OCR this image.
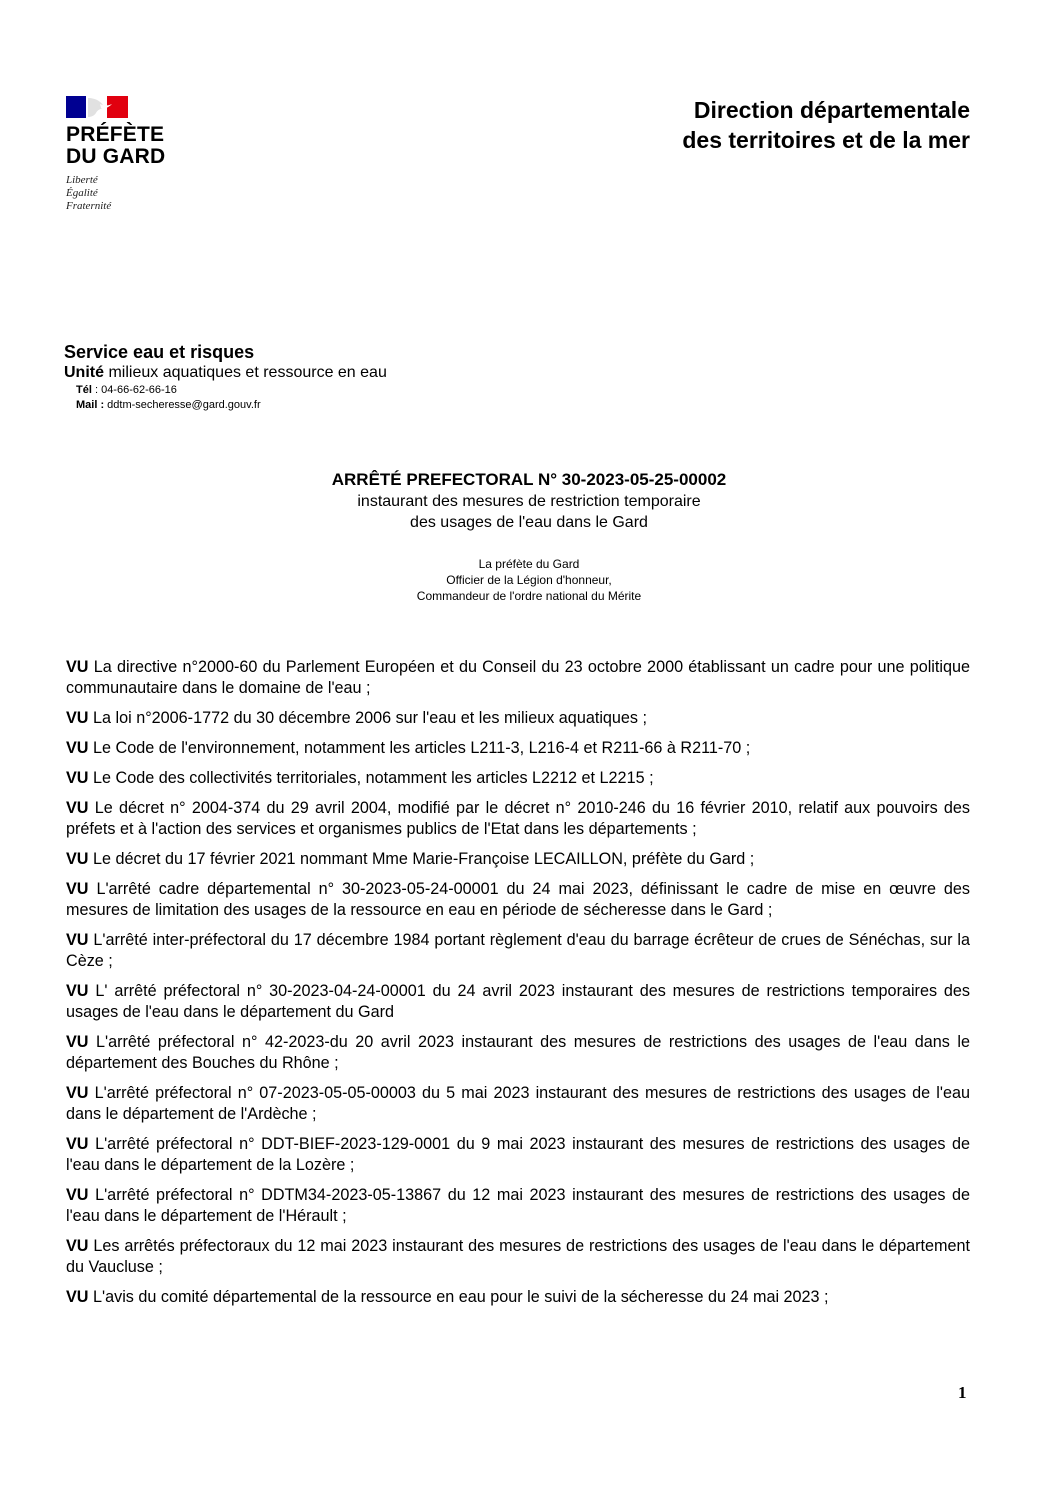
PRÉFÈTE
DU GARD
Liberté
Égalité
Fraternité
Direction départementale
des territoires et de la mer
Service eau et risques
Unité milieux aquatiques et ressource en eau
Tél : 04-66-62-66-16
Mail : ddtm-secheresse@gard.gouv.fr
ARRÊTÉ PREFECTORAL N° 30-2023-05-25-00002
instaurant des mesures de restriction temporaire
des usages de l'eau dans le Gard
La préfète du Gard
Officier de la Légion d'honneur,
Commandeur de l'ordre national du Mérite

VU La directive n°2000-60 du Parlement Européen et du Conseil du 23 octobre 2000 établissant un cadre pour une politique communautaire dans le domaine de l'eau ;

VU La loi n°2006-1772 du 30 décembre 2006 sur l'eau et les milieux aquatiques ;

VU Le Code de l'environnement, notamment les articles L211-3, L216-4 et R211-66 à R211-70 ;

VU Le Code des collectivités territoriales, notamment les articles L2212 et L2215 ;

VU Le décret n° 2004-374 du 29 avril 2004, modifié par le décret n° 2010-246 du 16 février 2010, relatif aux pouvoirs des préfets et à l'action des services et organismes publics de l'Etat dans les départements ;

VU Le décret du 17 février 2021 nommant Mme Marie-Françoise LECAILLON, préfète du Gard ;

VU L'arrêté cadre départemental n° 30-2023-05-24-00001 du 24 mai 2023, définissant le cadre de mise en œuvre des mesures de limitation des usages de la ressource en eau en période de sécheresse dans le Gard ;

VU L'arrêté inter-préfectoral du 17 décembre 1984 portant règlement d'eau du barrage écrêteur de crues de Sénéchas, sur la Cèze ;

VU L' arrêté préfectoral n° 30-2023-04-24-00001 du 24 avril 2023 instaurant des mesures de restrictions temporaires des usages de l'eau dans le département du Gard

VU L'arrêté préfectoral n° 42-2023-du 20 avril 2023 instaurant des mesures de restrictions des usages de l'eau dans le département des Bouches du Rhône ;

VU L'arrêté préfectoral n° 07-2023-05-05-00003 du 5 mai 2023 instaurant des mesures de restrictions des usages de l'eau dans le département de l'Ardèche ;

VU L'arrêté préfectoral n° DDT-BIEF-2023-129-0001 du 9 mai 2023 instaurant des mesures de restrictions des usages de l'eau dans le département de la Lozère ;

VU L'arrêté préfectoral n° DDTM34-2023-05-13867 du 12 mai 2023 instaurant des mesures de restrictions des usages de l'eau dans le département de l'Hérault ;

VU Les arrêtés préfectoraux du 12 mai 2023 instaurant des mesures de restrictions des usages de l'eau dans le département du Vaucluse ;

VU L'avis du comité départemental de la ressource en eau pour le suivi de la sécheresse du 24 mai 2023 ;

1
